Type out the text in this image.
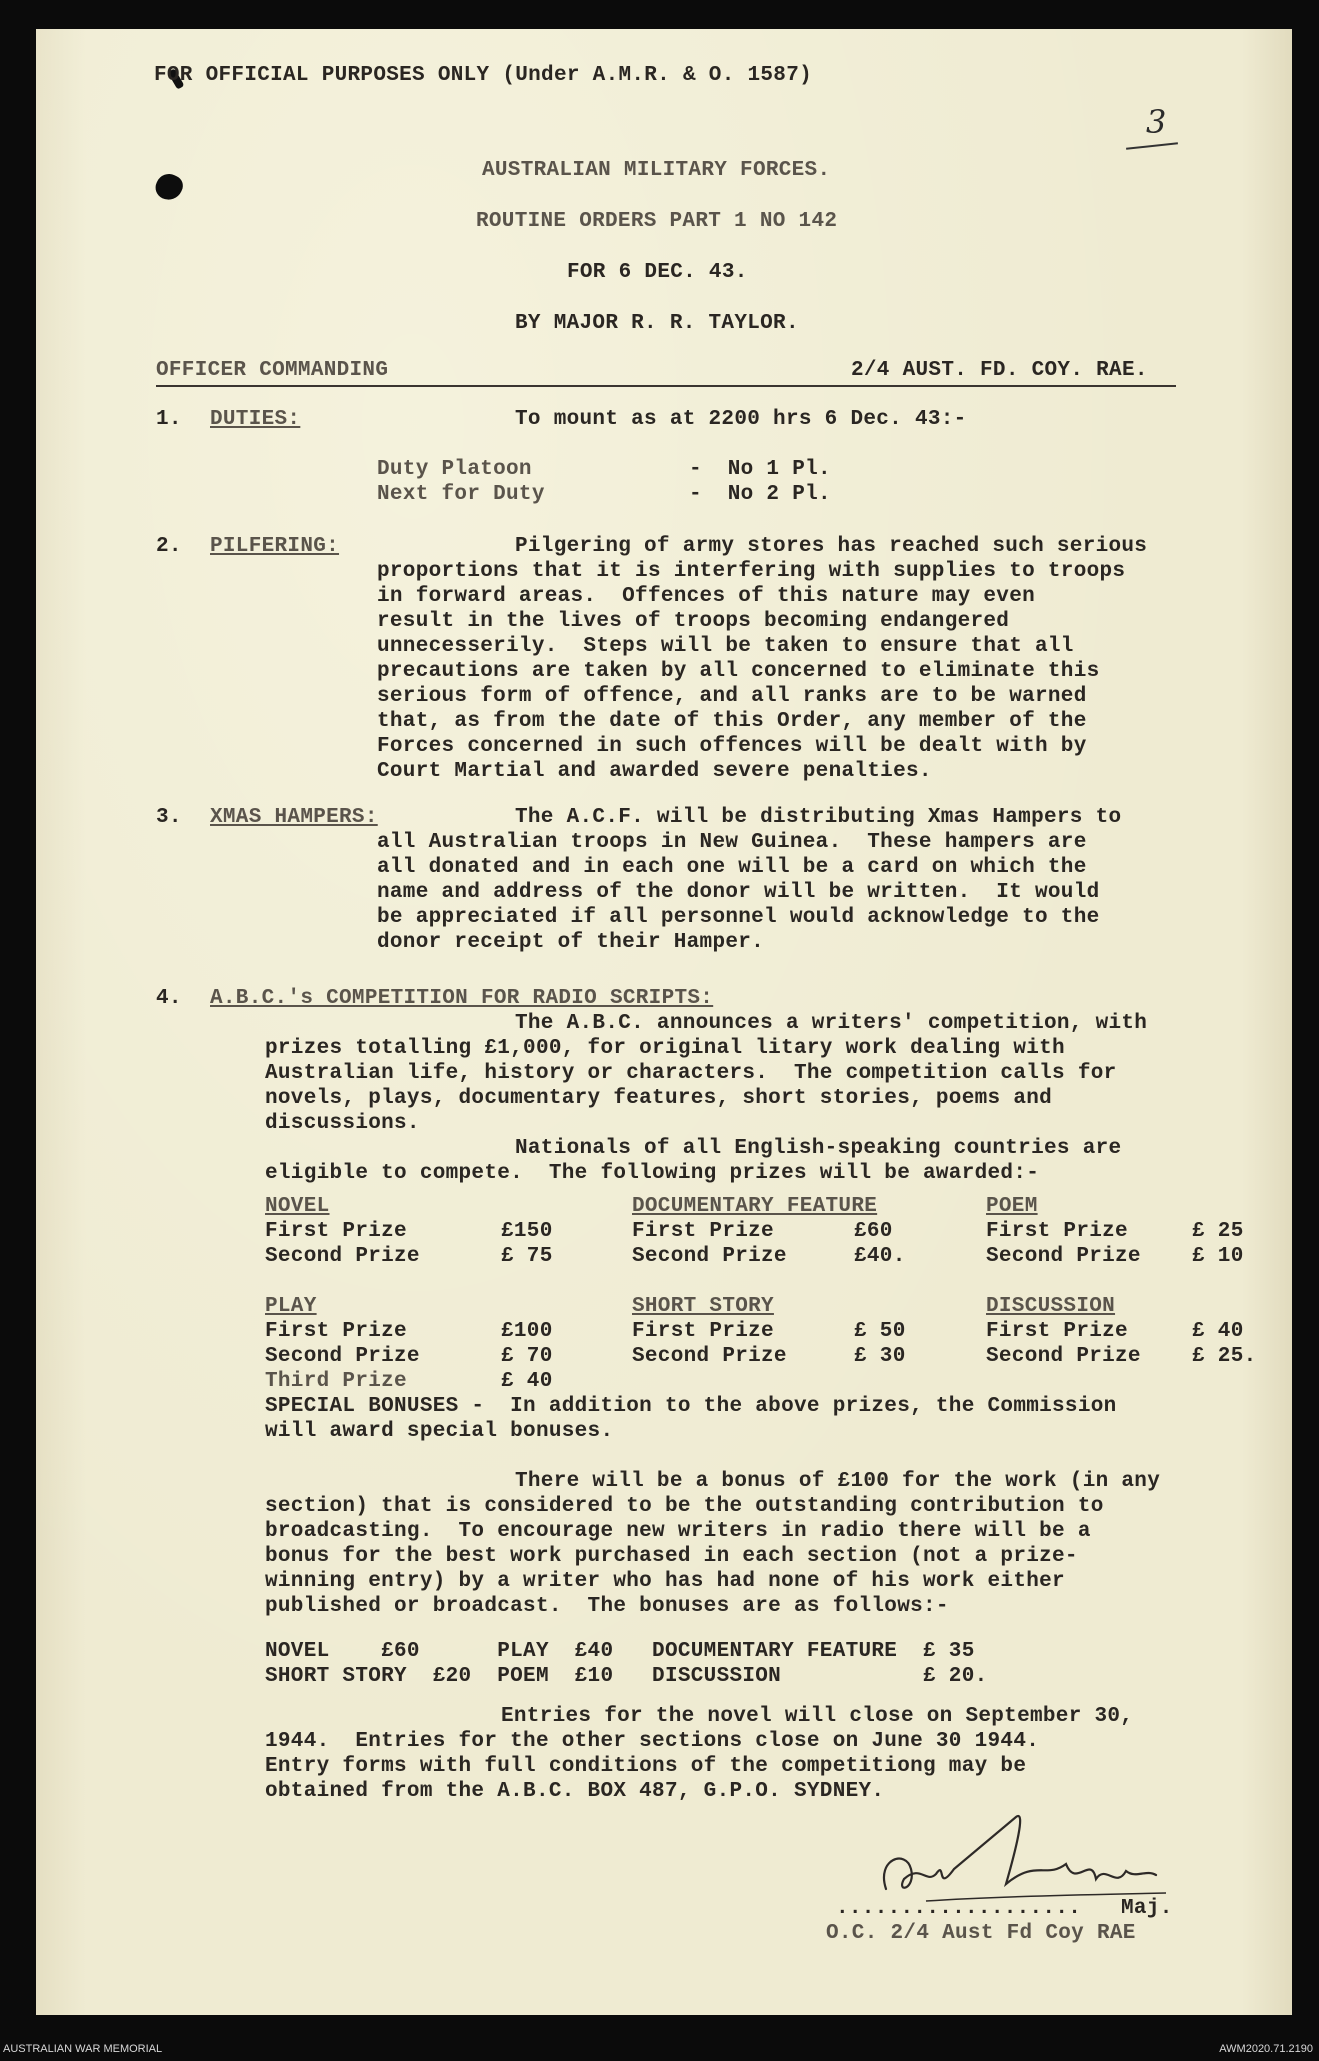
FOR OFFICIAL PURPOSES ONLY (Under A.M.R. & O. 1587)
3
AUSTRALIAN MILITARY FORCES.
ROUTINE ORDERS PART 1 NO 142
FOR 6 DEC. 43.
BY MAJOR R. R. TAYLOR.
OFFICER COMMANDING	2/4 AUST. FD. COY. RAE.
1. DUTIES:	To mount as at 2200 hrs 6 Dec. 43:-
Duty Platoon	-  No 1 Pl.
Next for Duty	-  No 2 Pl.
2. PILFERING:	Pilgering of army stores has reached such serious
proportions that it is interfering with supplies to troops
in forward areas.  Offences of this nature may even
result in the lives of troops becoming endangered
unnecesserily.  Steps will be taken to ensure that all
precautions are taken by all concerned to eliminate this
serious form of offence, and all ranks are to be warned
that, as from the date of this Order, any member of the
Forces concerned in such offences will be dealt with by
Court Martial and awarded severe penalties.
3. XMAS HAMPERS:	The A.C.F. will be distributing Xmas Hampers to
all Australian troops in New Guinea.  These hampers are
all donated and in each one will be a card on which the
name and address of the donor will be written.  It would
be appreciated if all personnel would acknowledge to the
donor receipt of their Hamper.
4. A.B.C.'s COMPETITION FOR RADIO SCRIPTS:
The A.B.C. announces a writers' competition, with
prizes totalling £1,000, for original litary work dealing with
Australian life, history or characters.  The competition calls for
novels, plays, documentary features, short stories, poems and
discussions.
Nationals of all English-speaking countries are
eligible to compete.  The following prizes will be awarded:-
NOVEL
First Prize	£150
Second Prize	£ 75
DOCUMENTARY FEATURE
First Prize	£60
Second Prize	£40.
POEM
First Prize	£ 25
Second Prize £ 10
PLAY
First Prize	£100
Second Prize	£ 70
Third Prize	£ 40
SHORT STORY
First Prize	£ 50
Second Prize	£ 30
DISCUSSION
First Prize	£ 40
Second Prize £ 25.
SPECIAL BONUSES -  In addition to the above prizes, the Commission
will award special bonuses.
There will be a bonus of £100 for the work (in any
section) that is considered to be the outstanding contribution to
broadcasting.  To encourage new writers in radio there will be a
bonus for the best work purchased in each section (not a prize-
winning entry) by a writer who has had none of his work either
published or broadcast.  The bonuses are as follows:-
NOVEL    £60      PLAY  £40   DOCUMENTARY FEATURE  £ 35
SHORT STORY  £20  POEM  £10   DISCUSSION           £ 20.
Entries for the novel will close on September 30,
1944.  Entries for the other sections close on June 30 1944.
Entry forms with full conditions of the competitiong may be
obtained from the A.B.C. BOX 487, G.P.O. SYDNEY.
................... Maj.
O.C. 2/4 Aust Fd Coy RAE
AUSTRALIAN WAR MEMORIAL	AWM2020.71.2190
